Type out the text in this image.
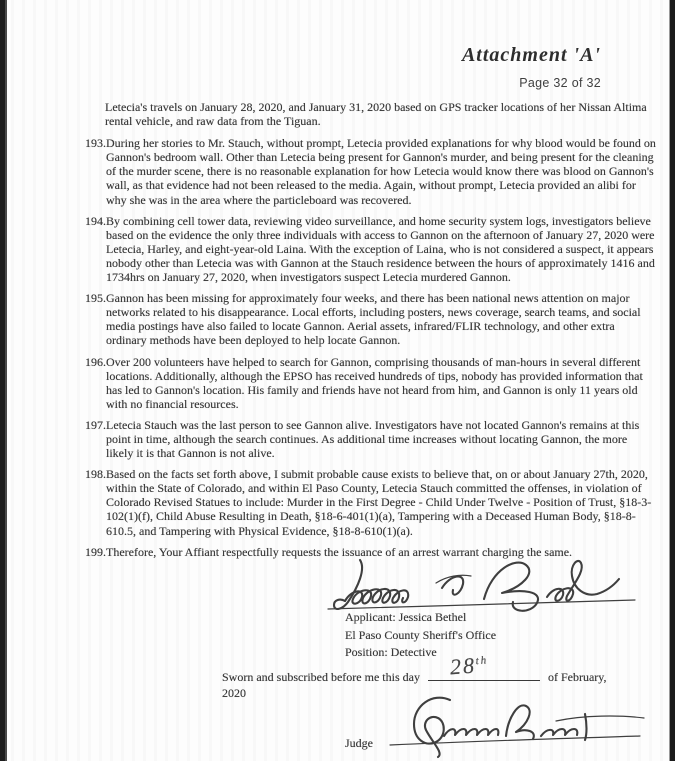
Attachment 'A'
Page 32 of 32
Letecia's travels on January 28, 2020, and January 31, 2020 based on GPS tracker locations of her Nissan Altima rental vehicle, and raw data from the Tiguan.
193.During her stories to Mr. Stauch, without prompt, Letecia provided explanations for why blood would be found on Gannon's bedroom wall. Other than Letecia being present for Gannon's murder, and being present for the cleaning of the murder scene, there is no reasonable explanation for how Letecia would know there was blood on Gannon's wall, as that evidence had not been released to the media. Again, without prompt, Letecia provided an alibi for why she was in the area where the particleboard was recovered.
194.By combining cell tower data, reviewing video surveillance, and home security system logs, investigators believe based on the evidence the only three individuals with access to Gannon on the afternoon of January 27, 2020 were Letecia, Harley, and eight-year-old Laina. With the exception of Laina, who is not considered a suspect, it appears nobody other than Letecia was with Gannon at the Stauch residence between the hours of approximately 1416 and 1734hrs on January 27, 2020, when investigators suspect Letecia murdered Gannon.
195.Gannon has been missing for approximately four weeks, and there has been national news attention on major networks related to his disappearance. Local efforts, including posters, news coverage, search teams, and social media postings have also failed to locate Gannon. Aerial assets, infrared/FLIR technology, and other extra ordinary methods have been deployed to help locate Gannon.
196.Over 200 volunteers have helped to search for Gannon, comprising thousands of man-hours in several different locations. Additionally, although the EPSO has received hundreds of tips, nobody has provided information that has led to Gannon's location. His family and friends have not heard from him, and Gannon is only 11 years old with no financial resources.
197.Letecia Stauch was the last person to see Gannon alive. Investigators have not located Gannon's remains at this point in time, although the search continues. As additional time increases without locating Gannon, the more likely it is that Gannon is not alive.
198.Based on the facts set forth above, I submit probable cause exists to believe that, on or about January 27th, 2020, within the State of Colorado, and within El Paso County, Letecia Stauch committed the offenses, in violation of Colorado Revised Statues to include: Murder in the First Degree - Child Under Twelve - Position of Trust, §18-3-102(1)(f), Child Abuse Resulting in Death, §18-6-401(1)(a), Tampering with a Deceased Human Body, §18-8-610.5, and Tampering with Physical Evidence, §18-8-610(1)(a).
199.Therefore, Your Affiant respectfully requests the issuance of an arrest warrant charging the same.
Applicant: Jessica Bethel
El Paso County Sheriff's Office
Position: Detective
Sworn and subscribed before me this day 28th
of February,
2020
Judge
